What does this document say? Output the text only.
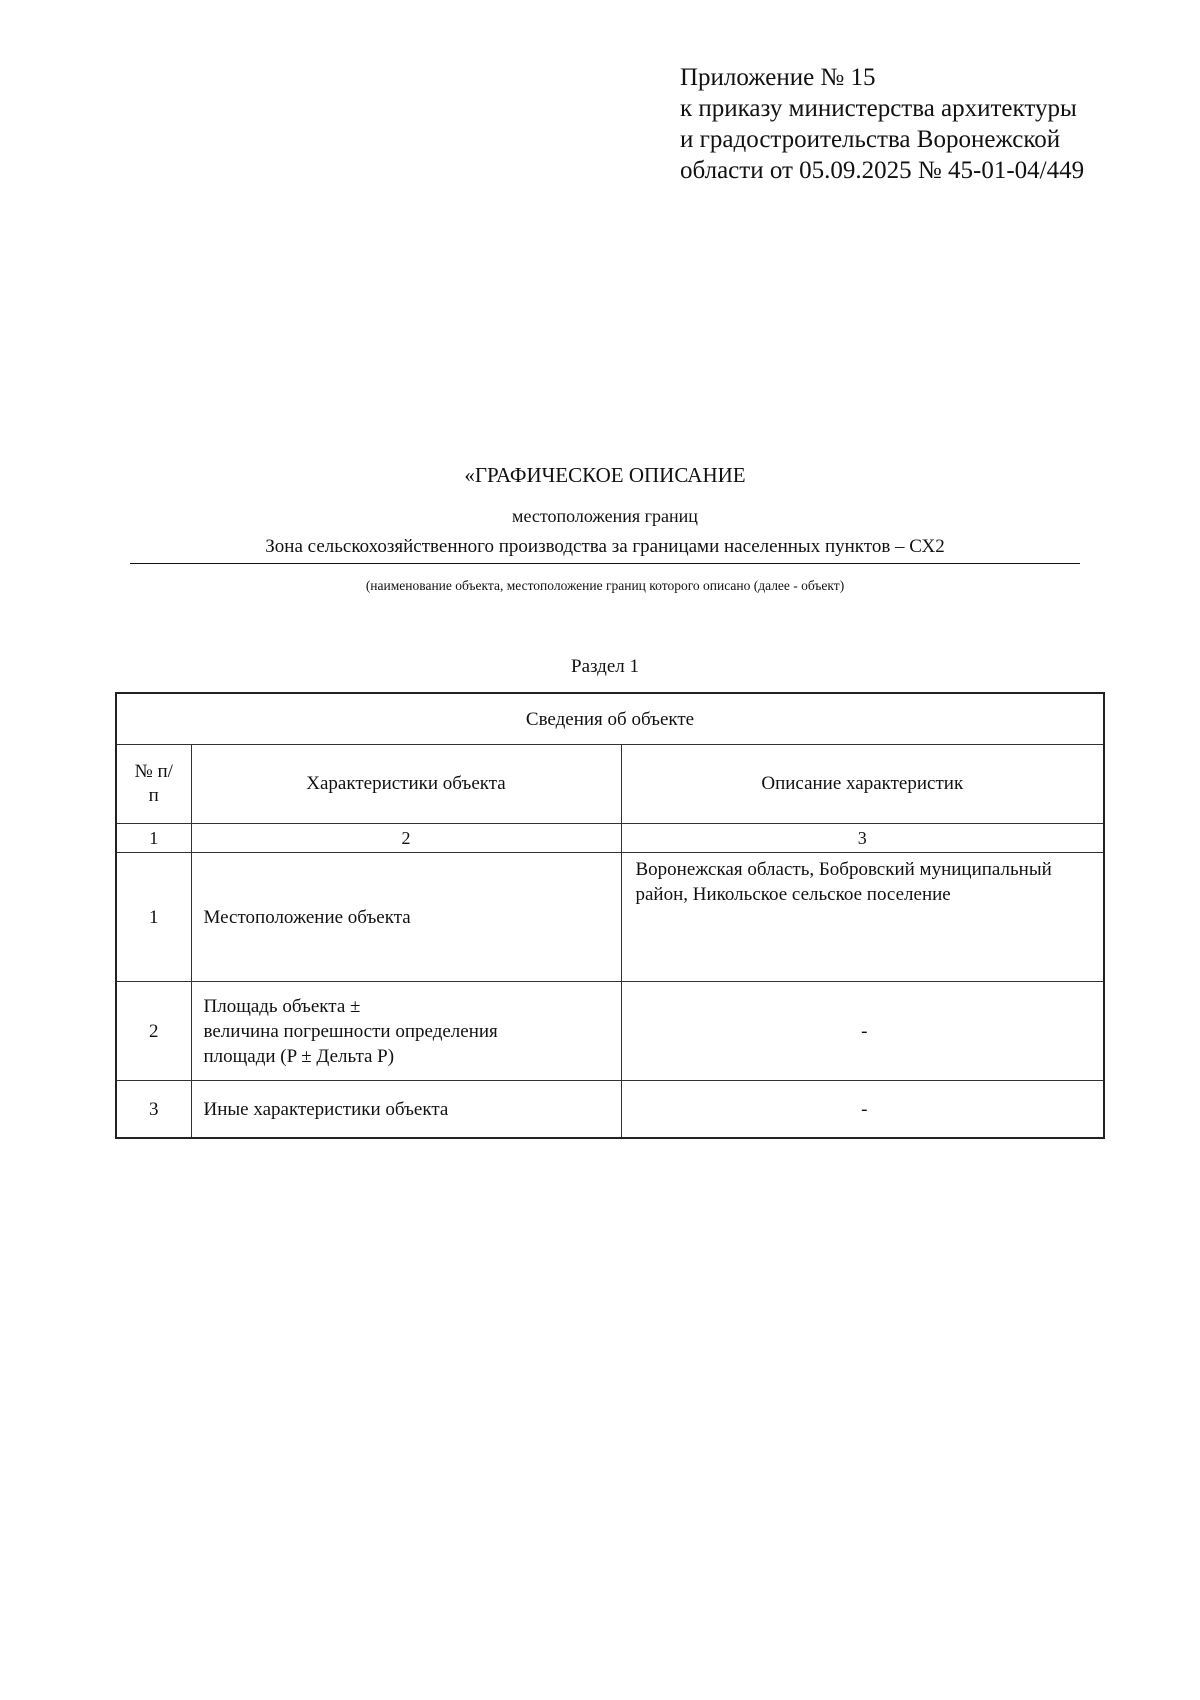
Приложение № 15
к приказу министерства архитектуры
и градостроительства Воронежской
области от 05.09.2025 № 45-01-04/449
«ГРАФИЧЕСКОЕ ОПИСАНИЕ
местоположения границ
Зона сельскохозяйственного производства за границами населенных пунктов – СХ2
(наименование объекта, местоположение границ которого описано (далее - объект)
Раздел 1
Сведения об объекте		
№ п/п	Характеристики объекта	Описание характеристик
1	2	3
1	Местоположение объекта	Воронежская область, Бобровский муниципальный район, Никольское сельское поселение
2	Площадь объекта ±
величина погрешности определения
площади (P ± Дельта P)	-
3	Иные характеристики объекта	-
